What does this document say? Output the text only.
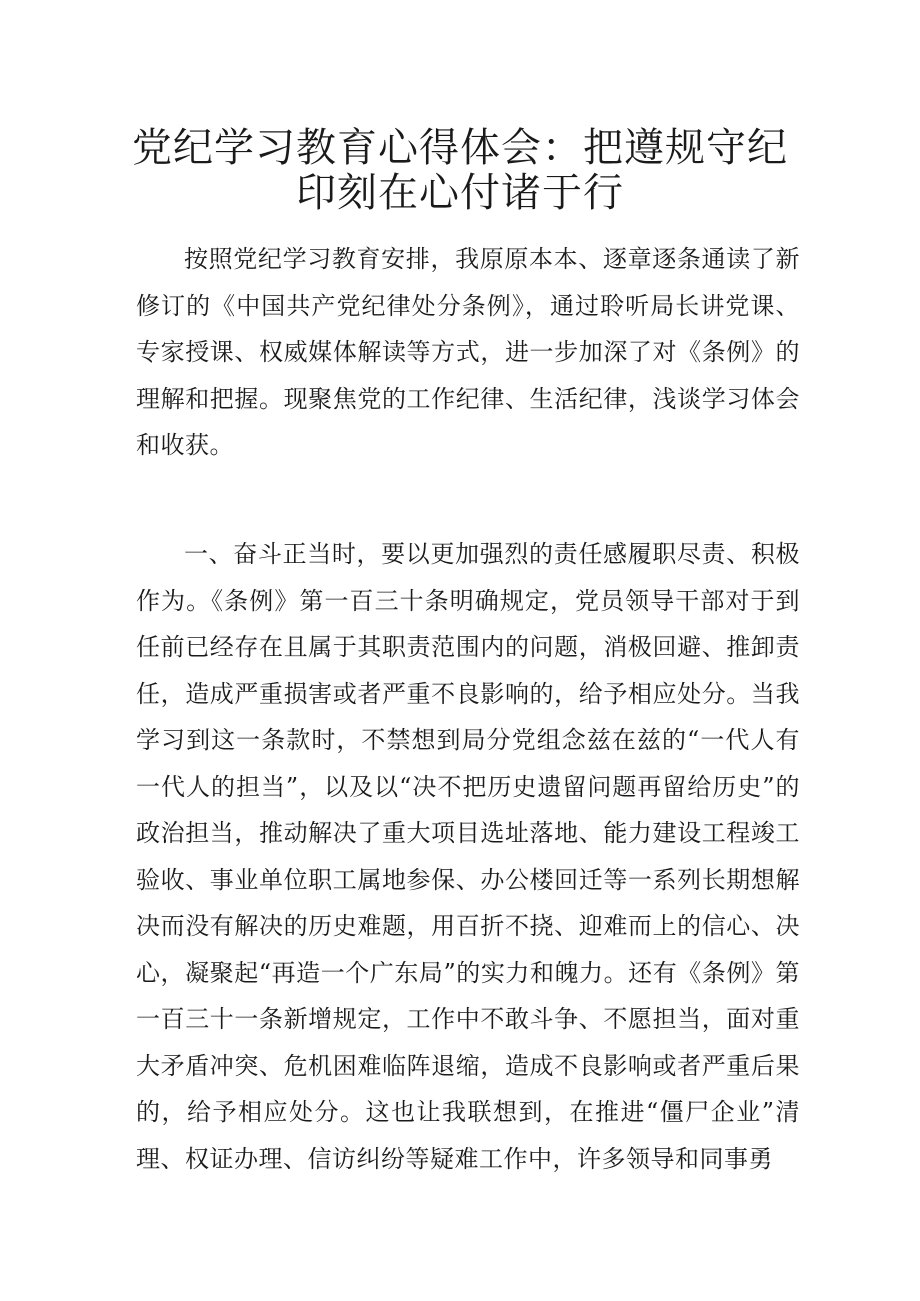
党纪学习教育心得体会：把遵规守纪
印刻在心付诸于行

按照党纪学习教育安排，我原原本本、逐章逐条通读了新修订的《中国共产党纪律处分条例》，通过聆听局长讲党课、专家授课、权威媒体解读等方式，进一步加深了对《条例》的理解和把握。现聚焦党的工作纪律、生活纪律，浅谈学习体会和收获。

一、奋斗正当时，要以更加强烈的责任感履职尽责、积极作为。《条例》第一百三十条明确规定，党员领导干部对于到任前已经存在且属于其职责范围内的问题，消极回避、推卸责任，造成严重损害或者严重不良影响的，给予相应处分。当我学习到这一条款时，不禁想到局分党组念兹在兹的“一代人有一代人的担当”，以及以“决不把历史遗留问题再留给历史”的政治担当，推动解决了重大项目选址落地、能力建设工程竣工验收、事业单位职工属地参保、办公楼回迁等一系列长期想解决而没有解决的历史难题，用百折不挠、迎难而上的信心、决心，凝聚起“再造一个广东局”的实力和魄力。还有《条例》第一百三十一条新增规定，工作中不敢斗争、不愿担当，面对重大矛盾冲突、危机困难临阵退缩，造成不良影响或者严重后果的，给予相应处分。这也让我联想到，在推进“僵尸企业”清理、权证办理、信访纠纷等疑难工作中，许多领导和同事勇
